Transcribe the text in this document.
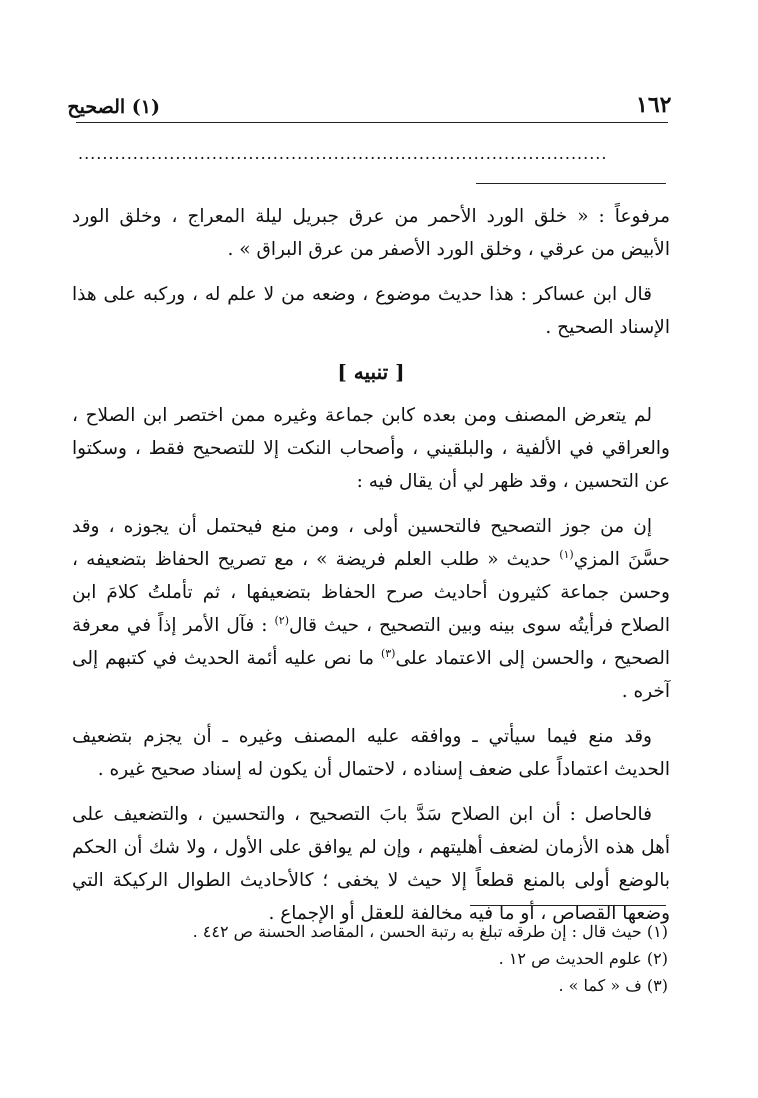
١٦٢
(١) الصحيح
.......................................................................................

مرفوعاً : « خلق الورد الأحمر من عرق جبريل ليلة المعراج ، وخلق الورد الأبيض من عرقي ، وخلق الورد الأصفر من عرق البراق » .

قال ابن عساكر : هذا حديث موضوع ، وضعه من لا علم له ، وركبه على هذا الإسناد الصحيح .

[ تنبيه ]

لم يتعرض المصنف ومن بعده كابن جماعة وغيره ممن اختصر ابن الصلاح ، والعراقي في الألفية ، والبلقيني ، وأصحاب النكت إلا للتصحيح فقط ، وسكتوا عن التحسين ، وقد ظهر لي أن يقال فيه :

إن من جوز التصحيح فالتحسين أولى ، ومن منع فيحتمل أن يجوزه ، وقد حسَّنَ المزي$^{(١)}$ حديث « طلب العلم فريضة » ، مع تصريح الحفاظ بتضعيفه ، وحسن جماعة كثيرون أحاديث صرح الحفاظ بتضعيفها ، ثم تأملتُ كلامَ ابن الصلاح فرأيتُه سوى بينه وبين التصحيح ، حيث قال$^{(٢)}$ : فآل الأمر إذاً في معرفة الصحيح ، والحسن إلى الاعتماد على$^{(٣)}$ ما نص عليه أئمة الحديث في كتبهم إلى آخره .

وقد منع فيما سيأتي ـ ووافقه عليه المصنف وغيره ـ أن يجزم بتضعيف الحديث اعتماداً على ضعف إسناده ، لاحتمال أن يكون له إسناد صحيح غيره .

فالحاصل : أن ابن الصلاح سَدَّ بابَ التصحيح ، والتحسين ، والتضعيف على أهل هذه الأزمان لضعف أهليتهم ، وإن لم يوافق على الأول ، ولا شك أن الحكم بالوضع أولى بالمنع قطعاً إلا حيث لا يخفى ؛ كالأحاديث الطوال الركيكة التي وضعها القصاص ، أو ما فيه مخالفة للعقل أو الإجماع .

(١) حيث قال : إن طرقه تبلغ به رتبة الحسن ، المقاصد الحسنة ص ٤٤٢ .
(٢) علوم الحديث ص ١٢ .
(٣) ف « كما » .
